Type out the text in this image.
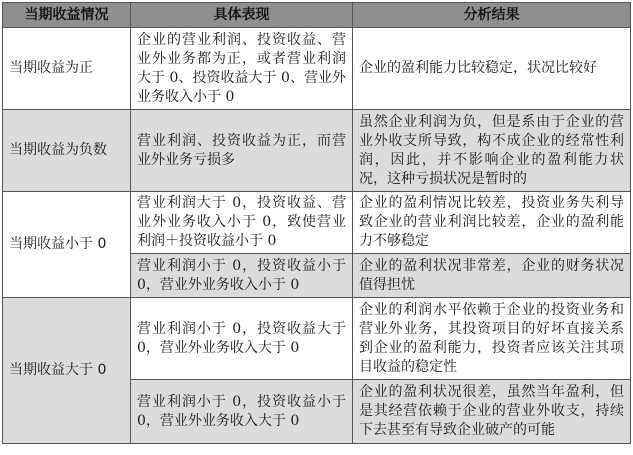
当期收益情况	具体表现	分析结果
当期收益为正	企业的营业利润、投资收益、营业外业务都为正，或者营业利润大于 0、投资收益大于 0、营业外业务收入小于 0	企业的盈利能力比较稳定，状况比较好
当期收益为负数	营业利润、投资收益为正，而营业外业务亏损多	虽然企业利润为负，但是系由于企业的营业外收支所导致，构不成企业的经常性利润，因此，并不影响企业的盈利能力状况，这种亏损状况是暂时的
当期收益小于 0	营业利润大于 0，投资收益、营业外业务收入小于 0，致使营业利润＋投资收益小于 0	企业的盈利情况比较差，投资业务失利导致企业的营业利润比较差，企业的盈利能力不够稳定
	营业利润小于 0，投资收益小于 0，营业外业务收入小于 0	企业的盈利状况非常差，企业的财务状况值得担忧
当期收益大于 0	营业利润小于 0，投资收益大于 0，营业外业务收入大于 0	企业的利润水平依赖于企业的投资业务和营业外业务，其投资项目的好坏直接关系到企业的盈利能力，投资者应该关注其项目收益的稳定性
	营业利润小于 0，投资收益小于 0，营业外业务收入大于 0	企业的盈利状况很差，虽然当年盈利，但是其经营依赖于企业的营业外收支，持续下去甚至有导致企业破产的可能
